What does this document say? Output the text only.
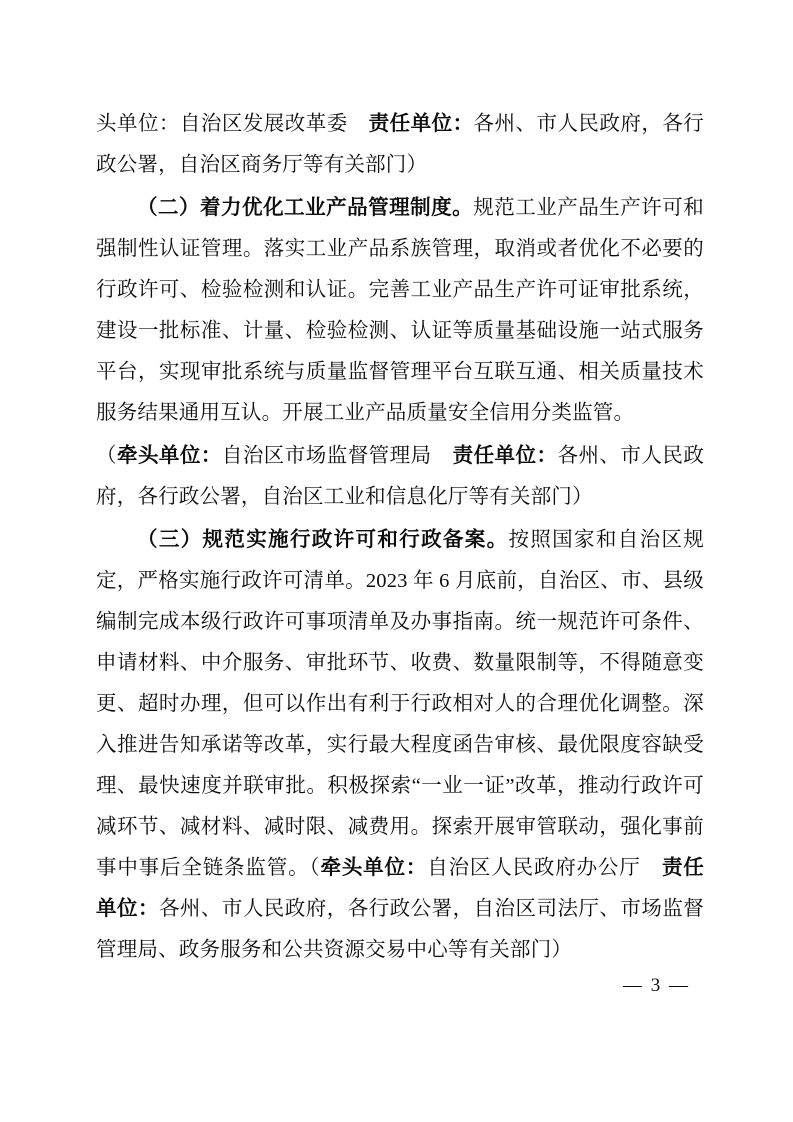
头单位：自治区发展改革委　责任单位：各州、市人民政府，各行政公署，自治区商务厅等有关部门）

（二）着力优化工业产品管理制度。规范工业产品生产许可和强制性认证管理。落实工业产品系族管理，取消或者优化不必要的行政许可、检验检测和认证。完善工业产品生产许可证审批系统，建设一批标准、计量、检验检测、认证等质量基础设施一站式服务平台，实现审批系统与质量监督管理平台互联互通、相关质量技术服务结果通用互认。开展工业产品质量安全信用分类监管。

（牵头单位：自治区市场监督管理局　责任单位：各州、市人民政府，各行政公署，自治区工业和信息化厅等有关部门）

（三）规范实施行政许可和行政备案。按照国家和自治区规定，严格实施行政许可清单。2023 年 6 月底前，自治区、市、县级编制完成本级行政许可事项清单及办事指南。统一规范许可条件、申请材料、中介服务、审批环节、收费、数量限制等，不得随意变更、超时办理，但可以作出有利于行政相对人的合理优化调整。深入推进告知承诺等改革，实行最大程度函告审核、最优限度容缺受理、最快速度并联审批。积极探索“一业一证”改革，推动行政许可减环节、减材料、减时限、减费用。探索开展审管联动，强化事前事中事后全链条监管。（牵头单位：自治区人民政府办公厅　责任单位：各州、市人民政府，各行政公署，自治区司法厅、市场监督管理局、政务服务和公共资源交易中心等有关部门）

— 3 —
